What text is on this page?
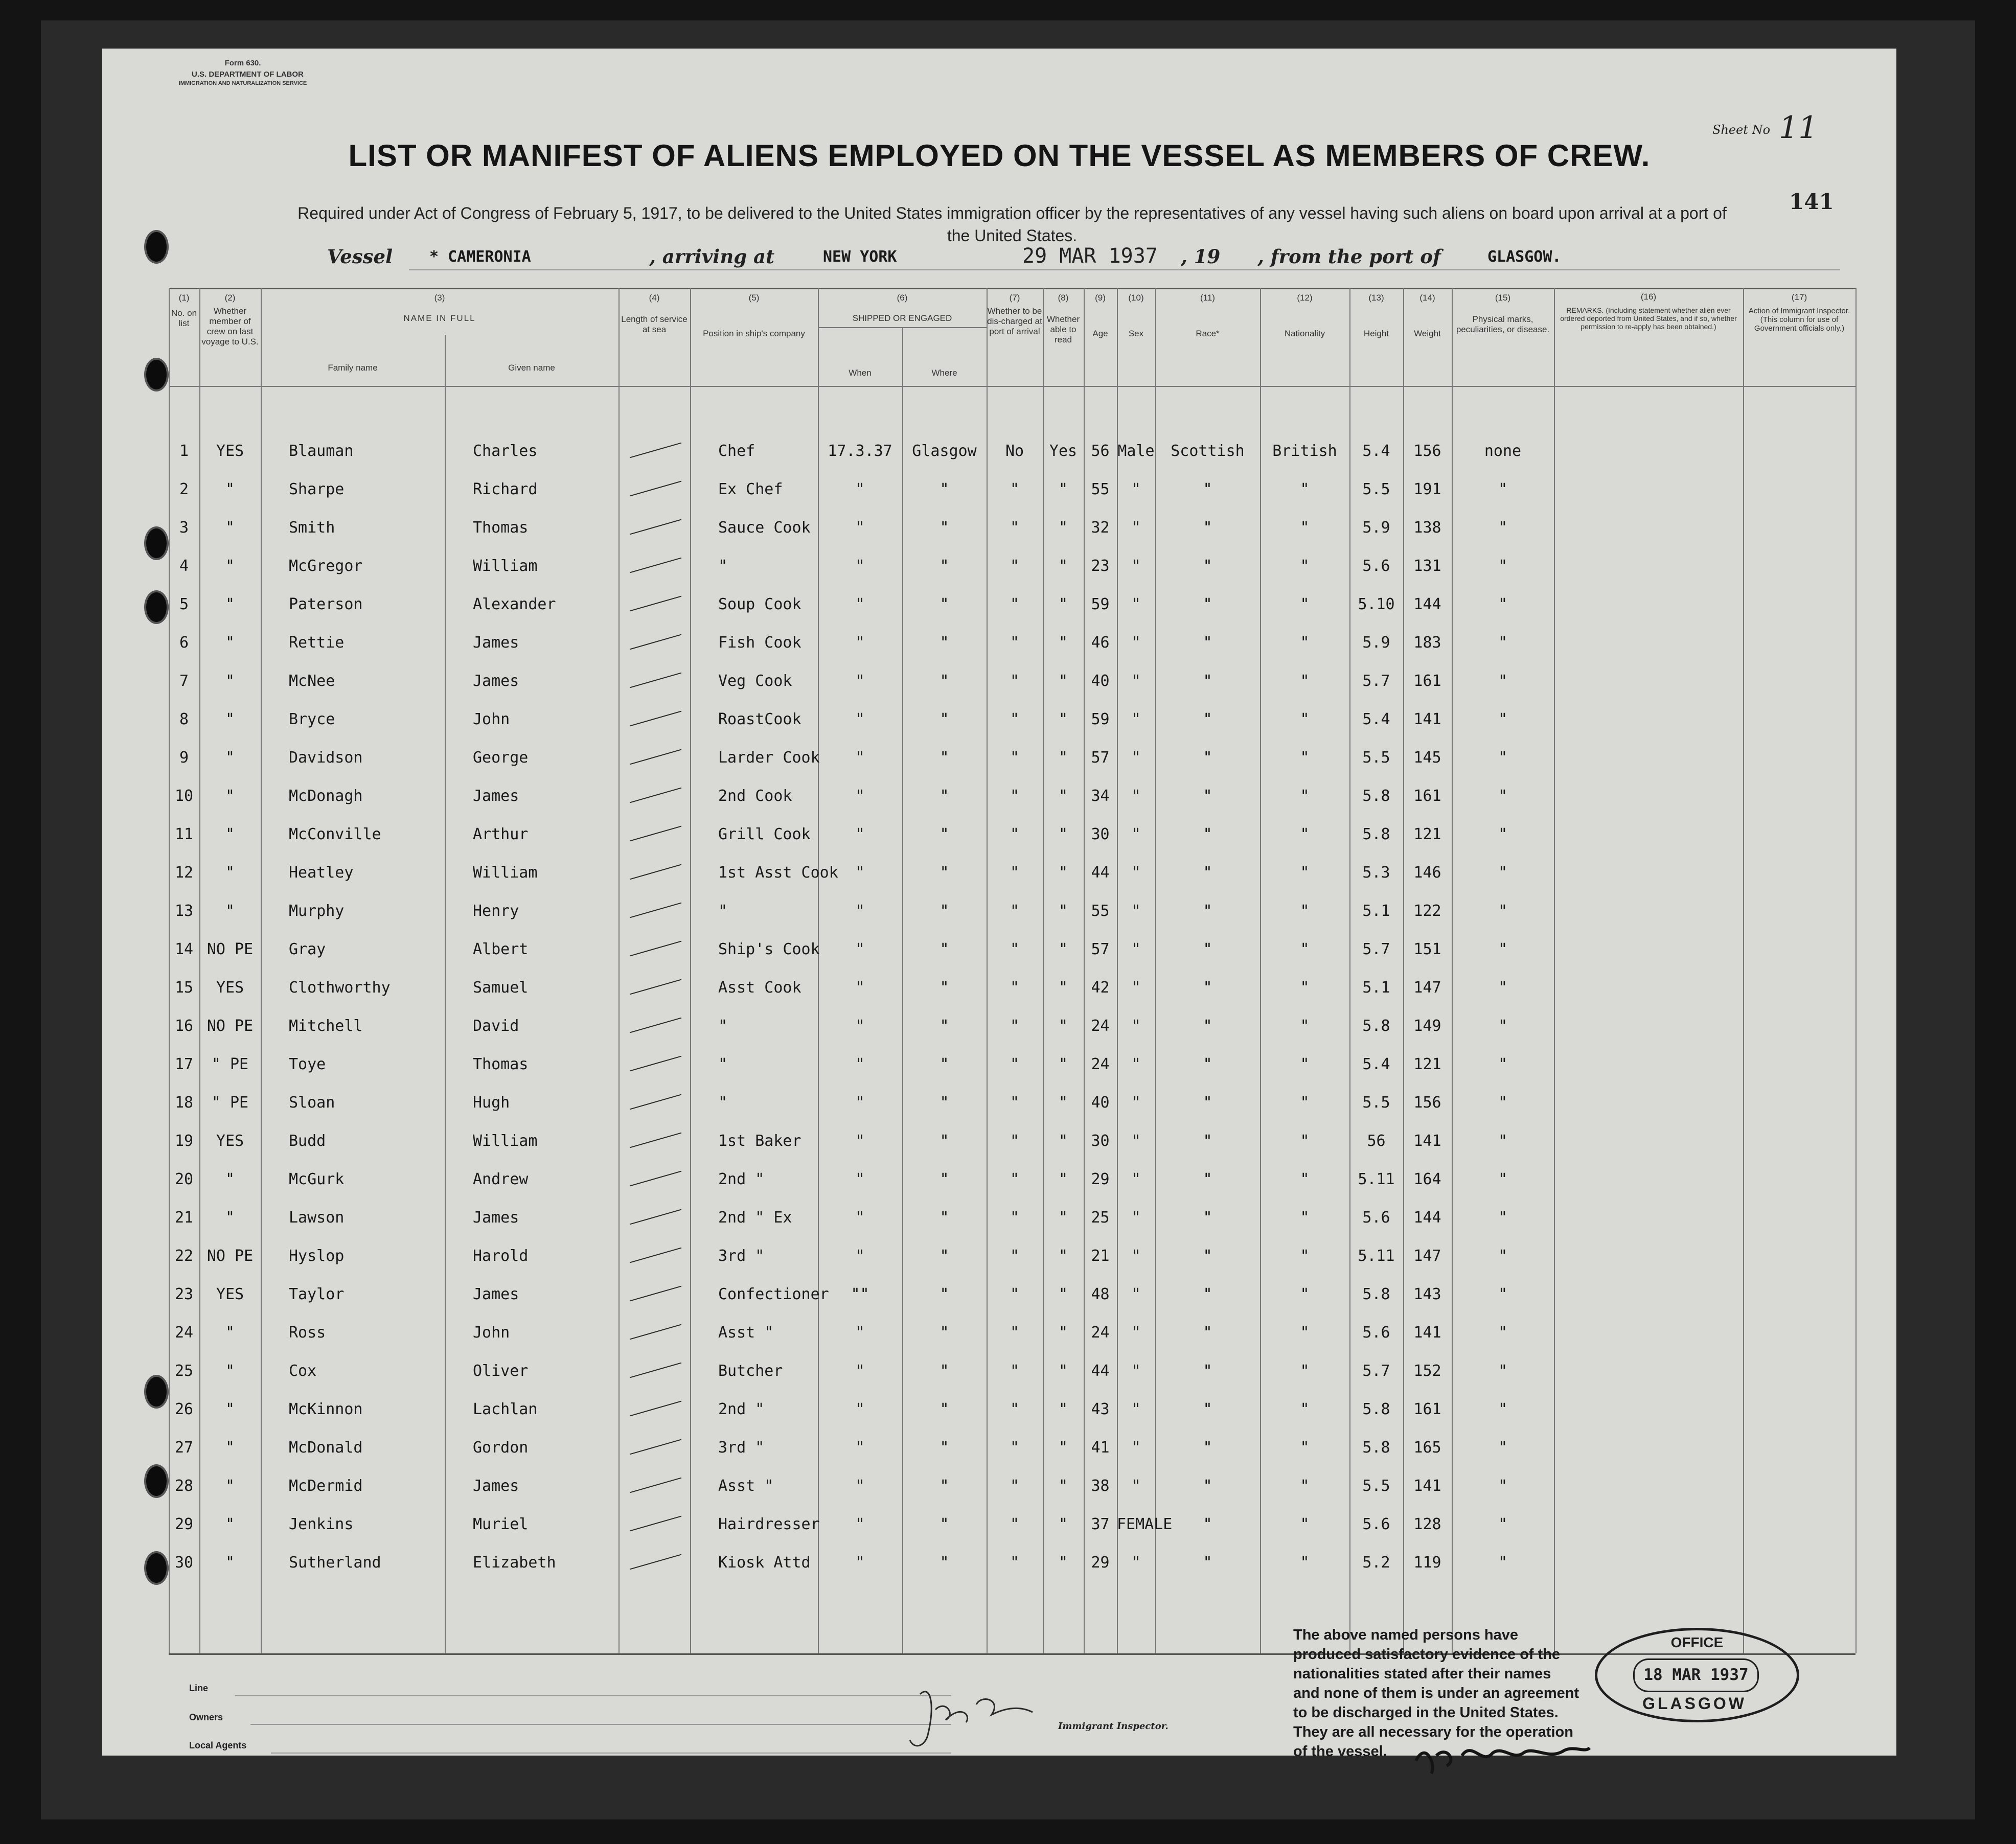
Form 630.
U.S. DEPARTMENT OF LABOR
IMMIGRATION AND NATURALIZATION SERVICE
Sheet No 11
141
LIST OR MANIFEST OF ALIENS EMPLOYED ON THE VESSEL AS MEMBERS OF CREW.
Required under Act of Congress of February 5, 1917, to be delivered to the United States immigration officer by the representatives of any vessel having such aliens on board upon arrival at a port of the United States.
Vessel * CAMERONIA	, arriving at	NEW YORK	29 MAR 1937 , 19 , from the port of	GLASGOW.
(1)
No. on list
(2)
Whether member of crew on last voyage to U.S.
(3)
NAME IN FULL
Family name	Given name
(4)
Length of service at sea
(5)
Position in ship's company
(6)
SHIPPED OR ENGAGED
When	Where
(7)
Whether to be dis-charged at port of arrival
(8)
Whether able to read
(9)
Age
(10)
Sex
(11)
Race*
(12)
Nationality
(13)
Height
(14)
Weight
(15)
Physical marks, peculiarities, or disease.
(16)
REMARKS. (Including statement whether alien ever ordered deported from United States, and if so, whether permission to re-apply has been obtained.)
(17)
Action of Immigrant Inspector. (This column for use of Government officials only.)
1	YES	Blauman	Charles		Chef	17.3.37	Glasgow	No	Yes	56	Male	Scottish	British	5.4	156	none		
2	"	Sharpe	Richard		Ex Chef	"	"	"	"	55	"	"	"	5.5	191	"		
3	"	Smith	Thomas		Sauce Cook	"	"	"	"	32	"	"	"	5.9	138	"		
4	"	McGregor	William		"	"	"	"	"	23	"	"	"	5.6	131	"		
5	"	Paterson	Alexander		Soup Cook	"	"	"	"	59	"	"	"	5.10	144	"		
6	"	Rettie	James		Fish Cook	"	"	"	"	46	"	"	"	5.9	183	"		
7	"	McNee	James		Veg Cook	"	"	"	"	40	"	"	"	5.7	161	"		
8	"	Bryce	John		RoastCook	"	"	"	"	59	"	"	"	5.4	141	"		
9	"	Davidson	George		Larder Cook	"	"	"	"	57	"	"	"	5.5	145	"		
10	"	McDonagh	James		2nd Cook	"	"	"	"	34	"	"	"	5.8	161	"		
11	"	McConville	Arthur		Grill Cook	"	"	"	"	30	"	"	"	5.8	121	"		
12	"	Heatley	William		1st Asst Cook	"	"	"	"	44	"	"	"	5.3	146	"		
13	"	Murphy	Henry		"	"	"	"	"	55	"	"	"	5.1	122	"		
14	NO PE	Gray	Albert		Ship's Cook	"	"	"	"	57	"	"	"	5.7	151	"		
15	YES	Clothworthy	Samuel		Asst Cook	"	"	"	"	42	"	"	"	5.1	147	"		
16	NO PE	Mitchell	David		"	"	"	"	"	24	"	"	"	5.8	149	"		
17	" PE	Toye	Thomas		"	"	"	"	"	24	"	"	"	5.4	121	"		
18	" PE	Sloan	Hugh		"	"	"	"	"	40	"	"	"	5.5	156	"		
19	YES	Budd	William		1st Baker	"	"	"	"	30	"	"	"	56	141	"		
20	"	McGurk	Andrew		2nd "	"	"	"	"	29	"	"	"	5.11	164	"		
21	"	Lawson	James		2nd " Ex	"	"	"	"	25	"	"	"	5.6	144	"		
22	NO PE	Hyslop	Harold		3rd "	"	"	"	"	21	"	"	"	5.11	147	"		
23	YES	Taylor	James		Confectioner	""	"	"	"	48	"	"	"	5.8	143	"		
24	"	Ross	John		Asst "	"	"	"	"	24	"	"	"	5.6	141	"		
25	"	Cox	Oliver		Butcher	"	"	"	"	44	"	"	"	5.7	152	"		
26	"	McKinnon	Lachlan		2nd "	"	"	"	"	43	"	"	"	5.8	161	"		
27	"	McDonald	Gordon		3rd "	"	"	"	"	41	"	"	"	5.8	165	"		
28	"	McDermid	James		Asst "	"	"	"	"	38	"	"	"	5.5	141	"		
29	"	Jenkins	Muriel		Hairdresser	"	"	"	"	37	FEMALE	"	"	5.6	128	"		
30	"	Sutherland	Elizabeth		Kiosk Attd	"	"	"	"	29	"	"	"	5.2	119	"		
Line
Owners
Local Agents
Immigrant Inspector.
The above named persons have produced satisfactory evidence of the nationalities stated after their names and none of them is under an agreement to be discharged in the United States. They are all necessary for the operation of the vessel.
OFFICE
18 MAR 1937
GLASGOW
